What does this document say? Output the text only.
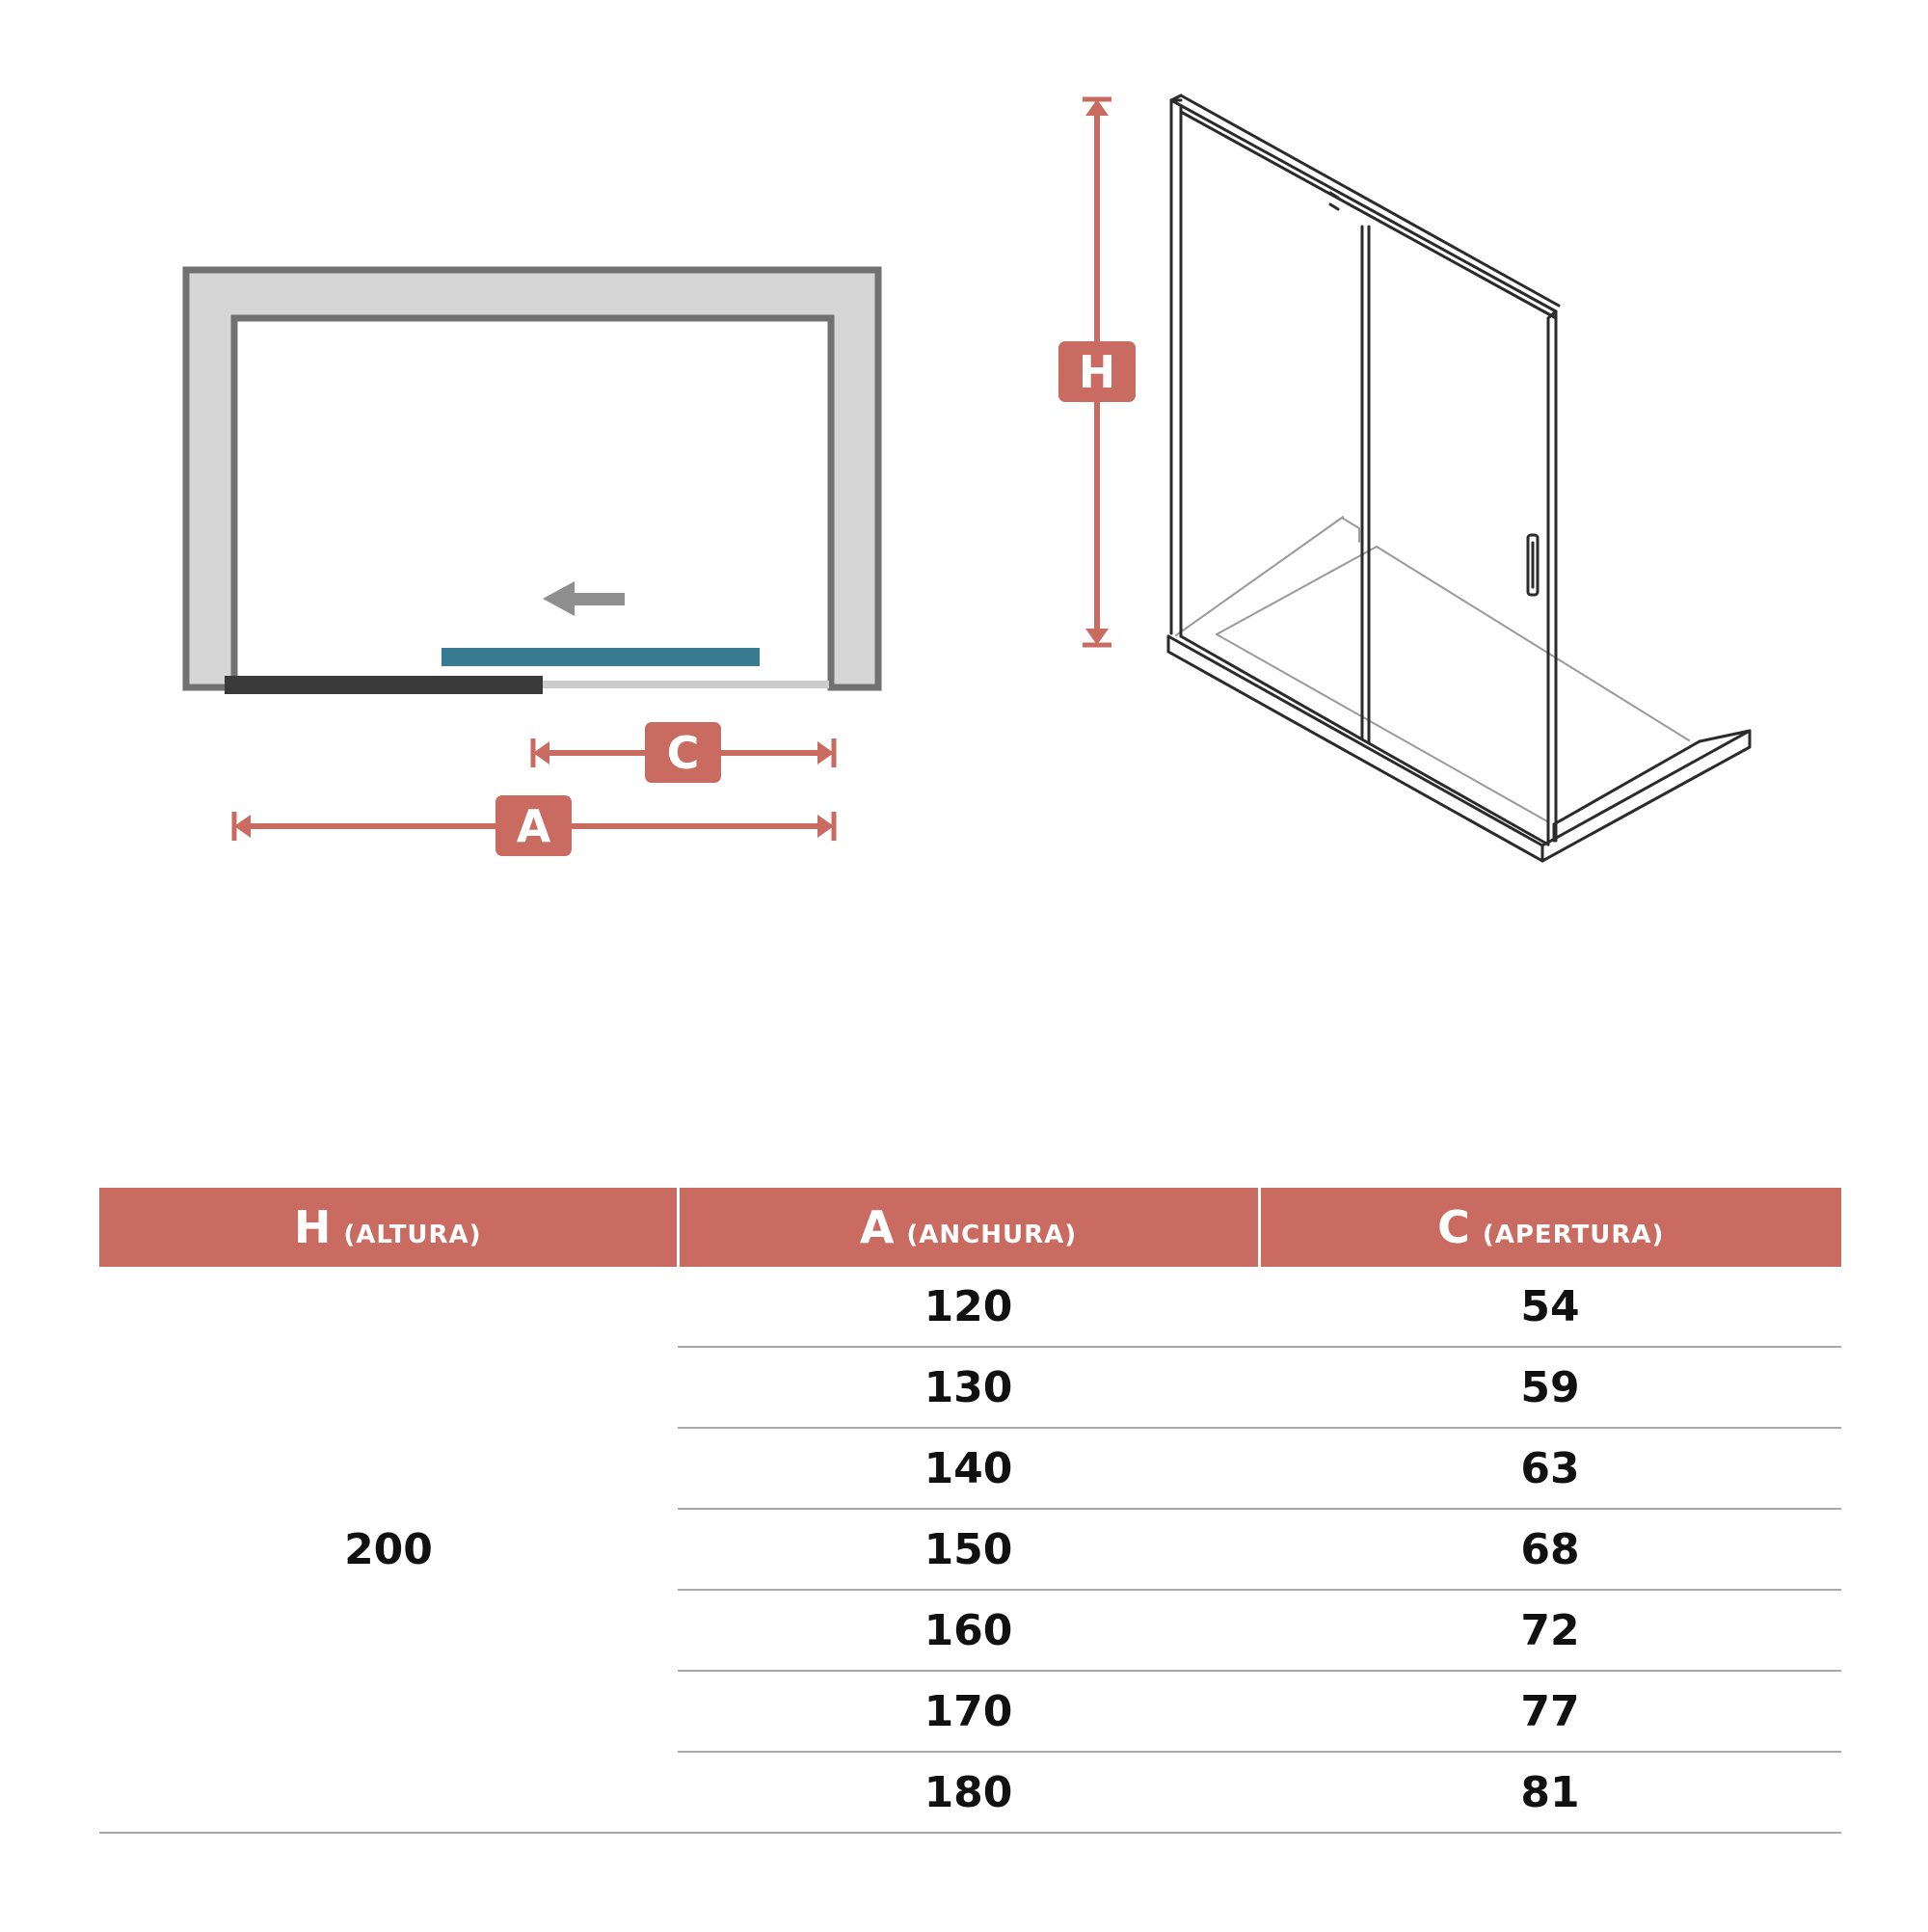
C
A
H
H (ALTURA)	A (ANCHURA)	C (APERTURA)
200	120	54
	130	59
	140	63
	150	68
	160	72
	170	77
	180	81
